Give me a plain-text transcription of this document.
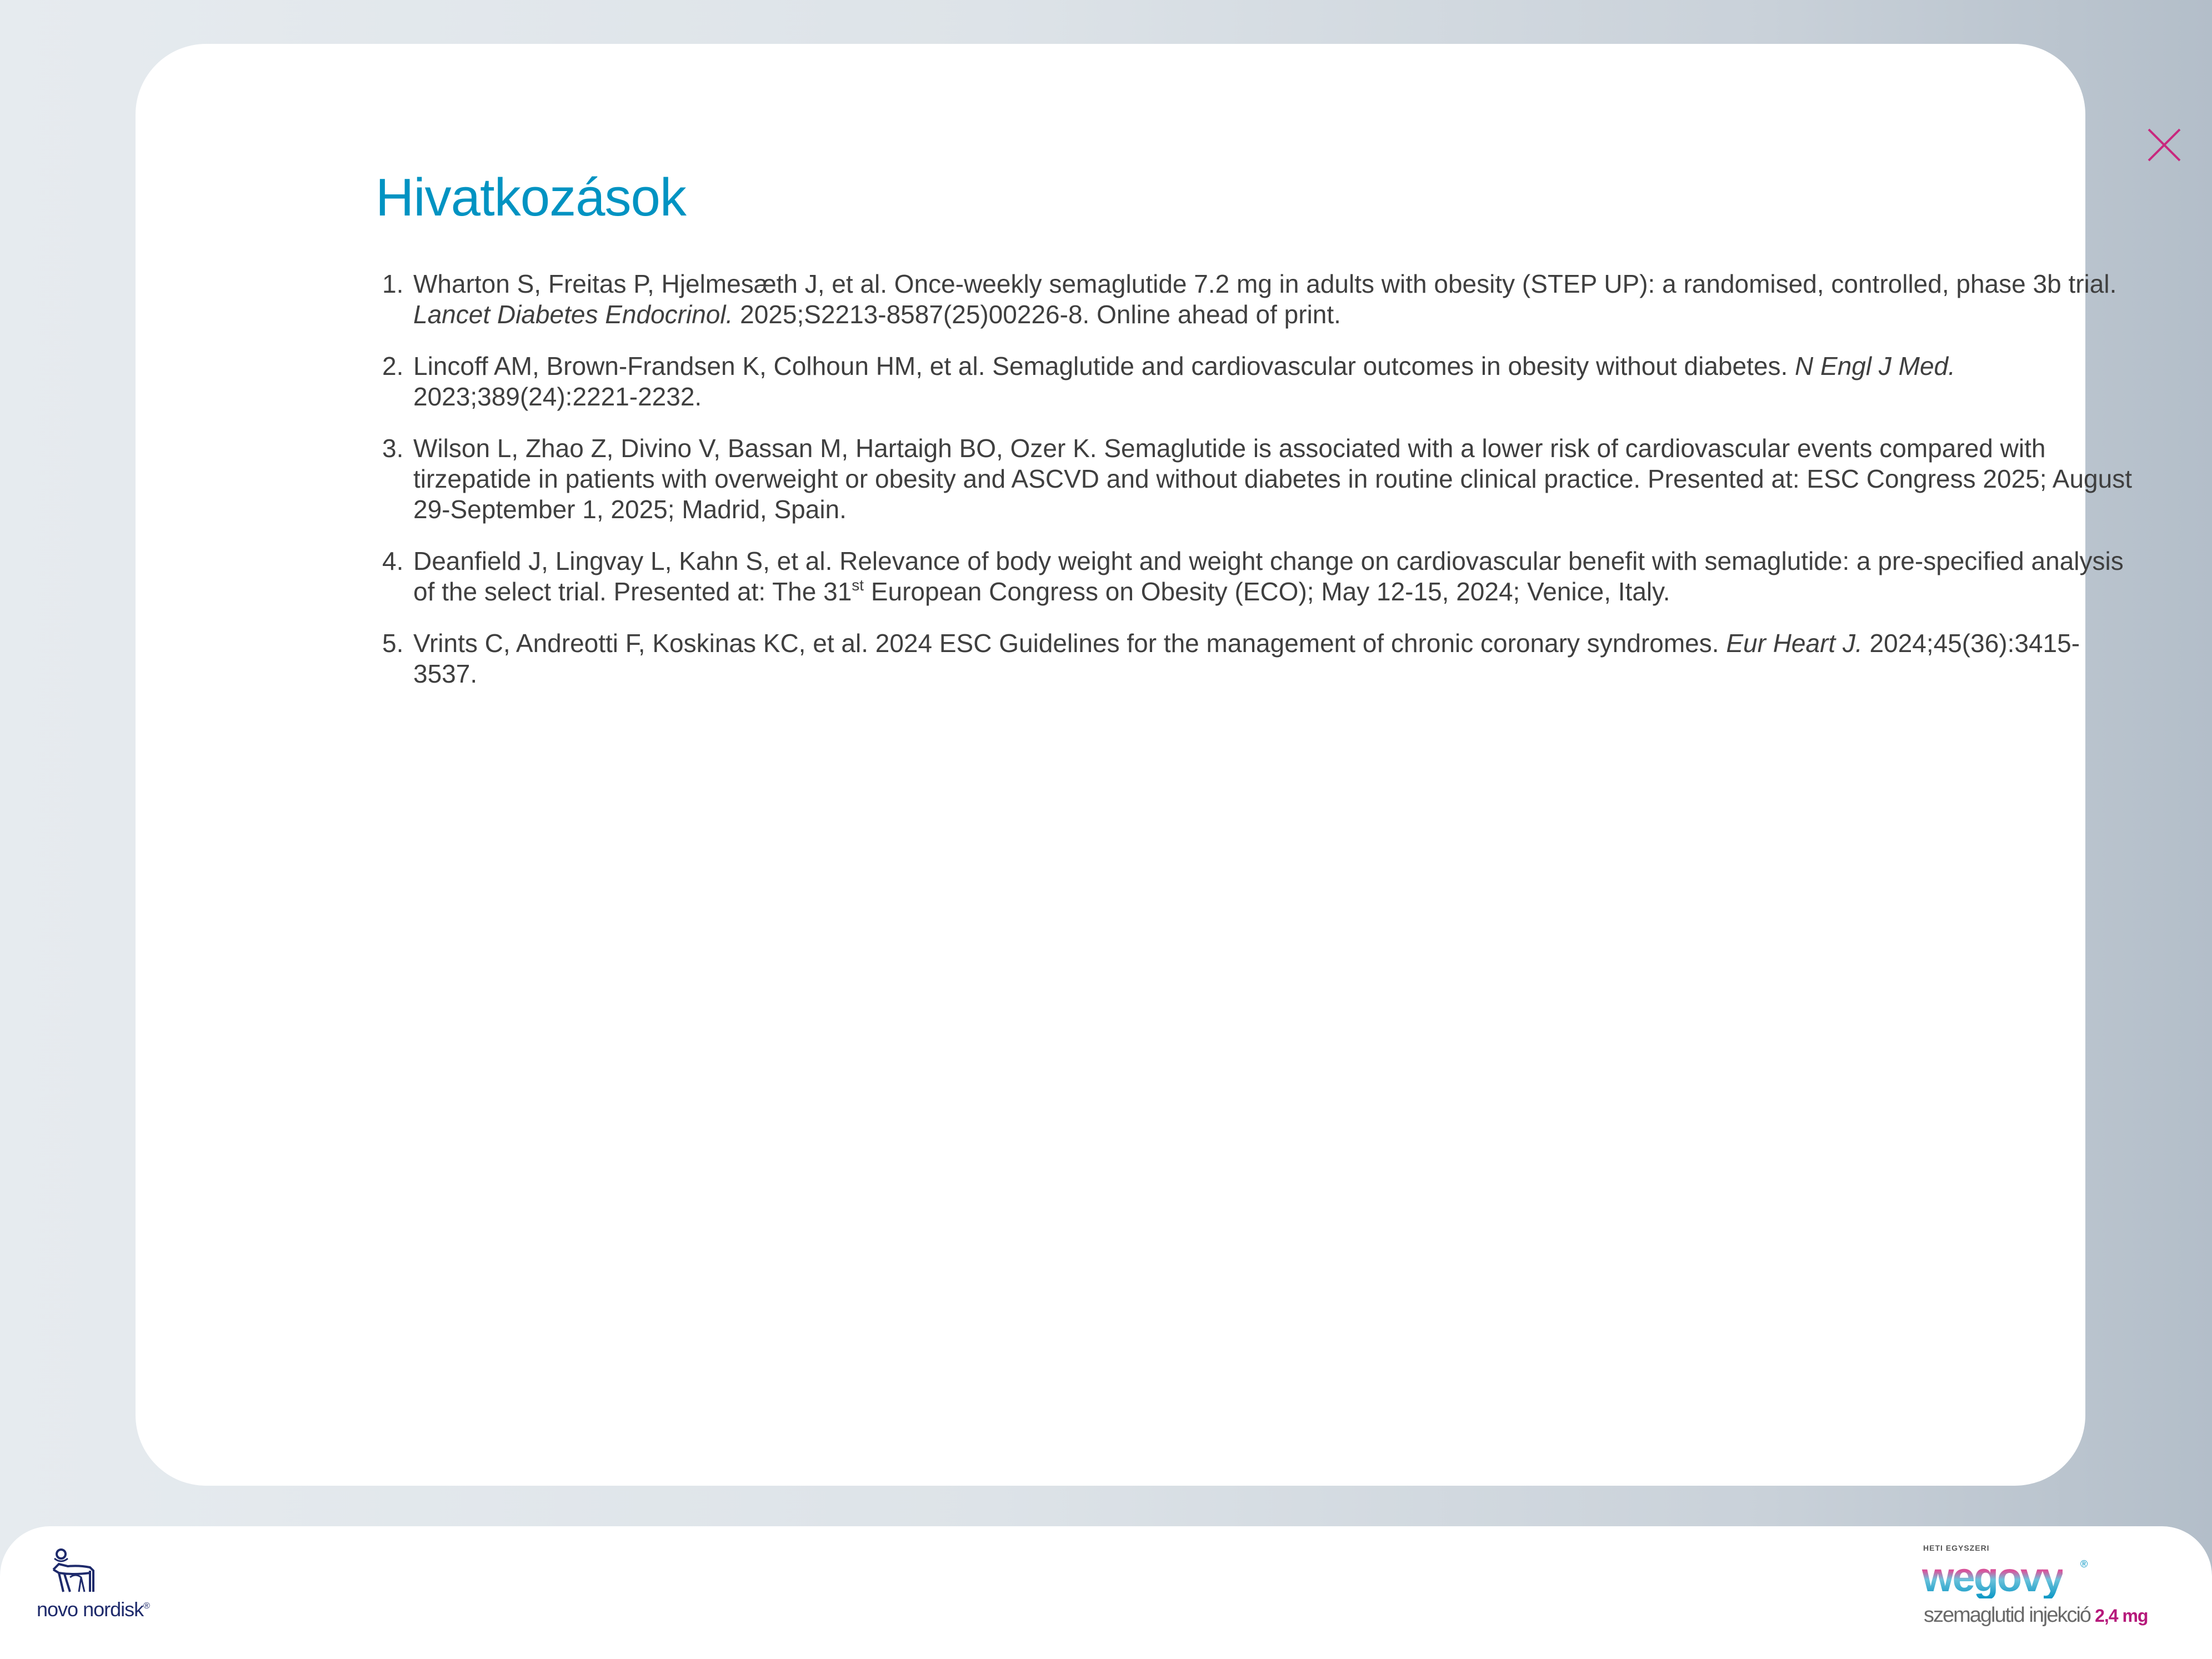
Hivatkozások
1. Wharton S, Freitas P, Hjelmesæth J, et al. Once-weekly semaglutide 7.2 mg in adults with obesity (STEP UP): a randomised, controlled, phase 3b trial. Lancet Diabetes Endocrinol. 2025;S2213-8587(25)00226-8. Online ahead of print.
2. Lincoff AM, Brown-Frandsen K, Colhoun HM, et al. Semaglutide and cardiovascular outcomes in obesity without diabetes. N Engl J Med. 2023;389(24):2221-2232.
3. Wilson L, Zhao Z, Divino V, Bassan M, Hartaigh BO, Ozer K. Semaglutide is associated with a lower risk of cardiovascular events compared with tirzepatide in patients with overweight or obesity and ASCVD and without diabetes in routine clinical practice. Presented at: ESC Congress 2025; August 29-September 1, 2025; Madrid, Spain.
4. Deanfield J, Lingvay L, Kahn S, et al. Relevance of body weight and weight change on cardiovascular benefit with semaglutide: a pre-specified analysis of the select trial. Presented at: The 31st European Congress on Obesity (ECO); May 12-15, 2024; Venice, Italy.
5. Vrints C, Andreotti F, Koskinas KC, et al. 2024 ESC Guidelines for the management of chronic coronary syndromes. Eur Heart J. 2024;45(36):3415-3537.
novo nordisk®
HETI EGYSZERI
wegovy ®
szemaglutid injekció 2,4 mg
